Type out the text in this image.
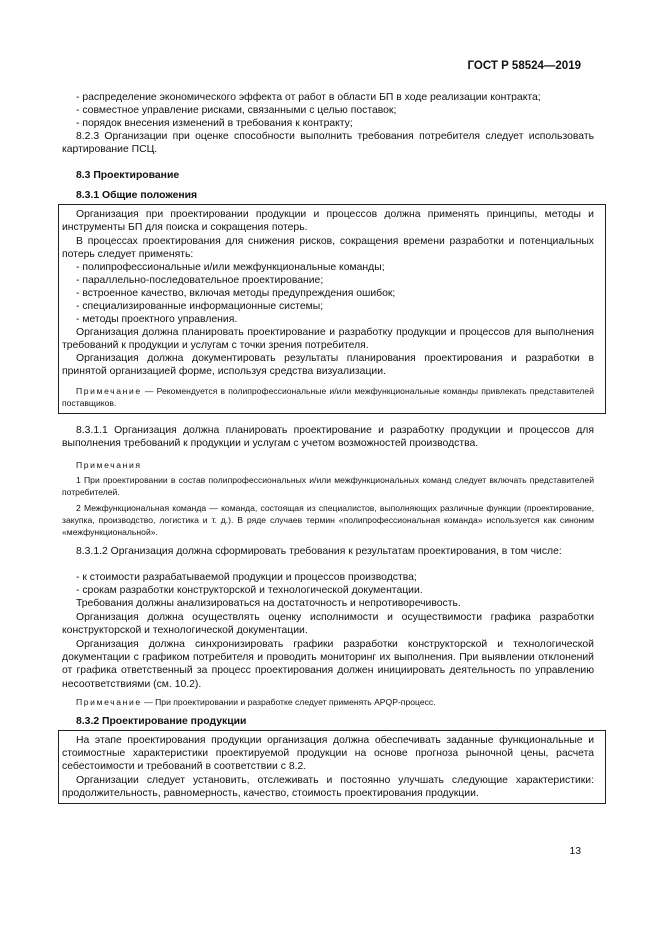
ГОСТ Р 58524—2019
- распределение экономического эффекта от работ в области БП в ходе реализации контракта;
- совместное управление рисками, связанными с целью поставок;
- порядок внесения изменений в требования к контракту;
8.2.3 Организации при оценке способности выполнить требования потребителя следует использовать картирование ПСЦ.
8.3 Проектирование
8.3.1 Общие положения
Организация при проектировании продукции и процессов должна применять принципы, методы и инструменты БП для поиска и сокращения потерь.
В процессах проектирования для снижения рисков, сокращения времени разработки и потенциальных потерь следует применять:
- полипрофессиональные и/или межфункциональные команды;
- параллельно-последовательное проектирование;
- встроенное качество, включая методы предупреждения ошибок;
- специализированные информационные системы;
- методы проектного управления.
Организация должна планировать проектирование и разработку продукции и процессов для выполнения требований к продукции и услугам с точки зрения потребителя.
Организация должна документировать результаты планирования проектирования и разработки в принятой организацией форме, используя средства визуализации.
Примечание — Рекомендуется в полипрофессиональные и/или межфункциональные команды привлекать представителей поставщиков.
8.3.1.1 Организация должна планировать проектирование и разработку продукции и процессов для выполнения требований к продукции и услугам с учетом возможностей производства.
Примечания
1 При проектировании в состав полипрофессиональных и/или межфункциональных команд следует включать представителей потребителей.
2 Межфункциональная команда — команда, состоящая из специалистов, выполняющих различные функции (проектирование, закупка, производство, логистика и т. д.). В ряде случаев термин «полипрофессиональная команда» используется как синоним «межфункциональной».
8.3.1.2 Организация должна сформировать требования к результатам проектирования, в том числе:
- к стоимости разрабатываемой продукции и процессов производства;
- срокам разработки конструкторской и технологической документации.
Требования должны анализироваться на достаточность и непротиворечивость.
Организация должна осуществлять оценку исполнимости и осуществимости графика разработки конструкторской и технологической документации.
Организация должна синхронизировать графики разработки конструкторской и технологической документации с графиком потребителя и проводить мониторинг их выполнения. При выявлении отклонений от графика ответственный за процесс проектирования должен инициировать деятельность по управлению несоответствиями (см. 10.2).
Примечание — При проектировании и разработке следует применять APQP-процесс.
8.3.2 Проектирование продукции
На этапе проектирования продукции организация должна обеспечивать заданные функциональные и стоимостные характеристики проектируемой продукции на основе прогноза рыночной цены, расчета себестоимости и требований в соответствии с 8.2.
Организации следует установить, отслеживать и постоянно улучшать следующие характеристики: продолжительность, равномерность, качество, стоимость проектирования продукции.
13
